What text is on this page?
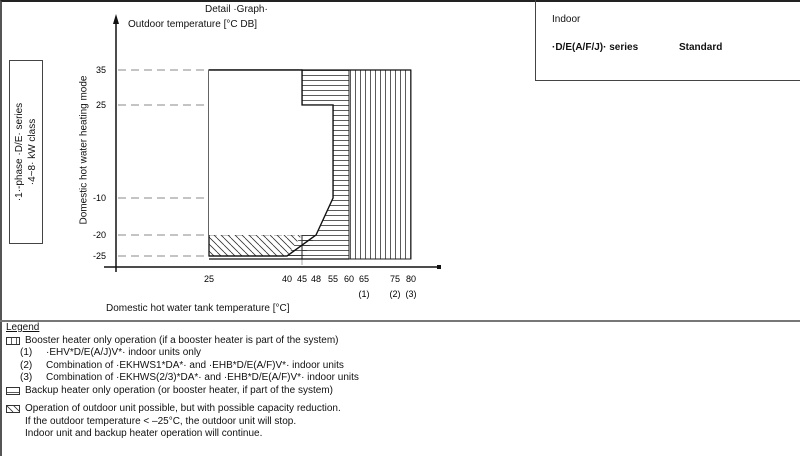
Indoor
·D/E(A/F/J)· series	Standard
·1·-phase ·D/E· series ·4~8· kW class
Detail ·Graph·
Outdoor temperature [°C DB]
Domestic hot water heating mode
Domestic hot water tank temperature [°C]
35
25
-10
-20
-25
25	40 45 48 55 60 65 75 80
(1) (2) (3)
Legend
Booster heater only operation (if a booster heater is part of the system)
(1)	·EHV*D/E(A/J)V*· indoor units only
(2)	Combination of ·EKHWS1*DA*· and ·EHB*D/E(A/F)V*· indoor units
(3)	Combination of ·EKHWS(2/3)*DA*· and ·EHB*D/E(A/F)V*· indoor units
Backup heater only operation (or booster heater, if part of the system)
Operation of outdoor unit possible, but with possible capacity reduction.
If the outdoor temperature < –25°C, the outdoor unit will stop.
Indoor unit and backup heater operation will continue.
